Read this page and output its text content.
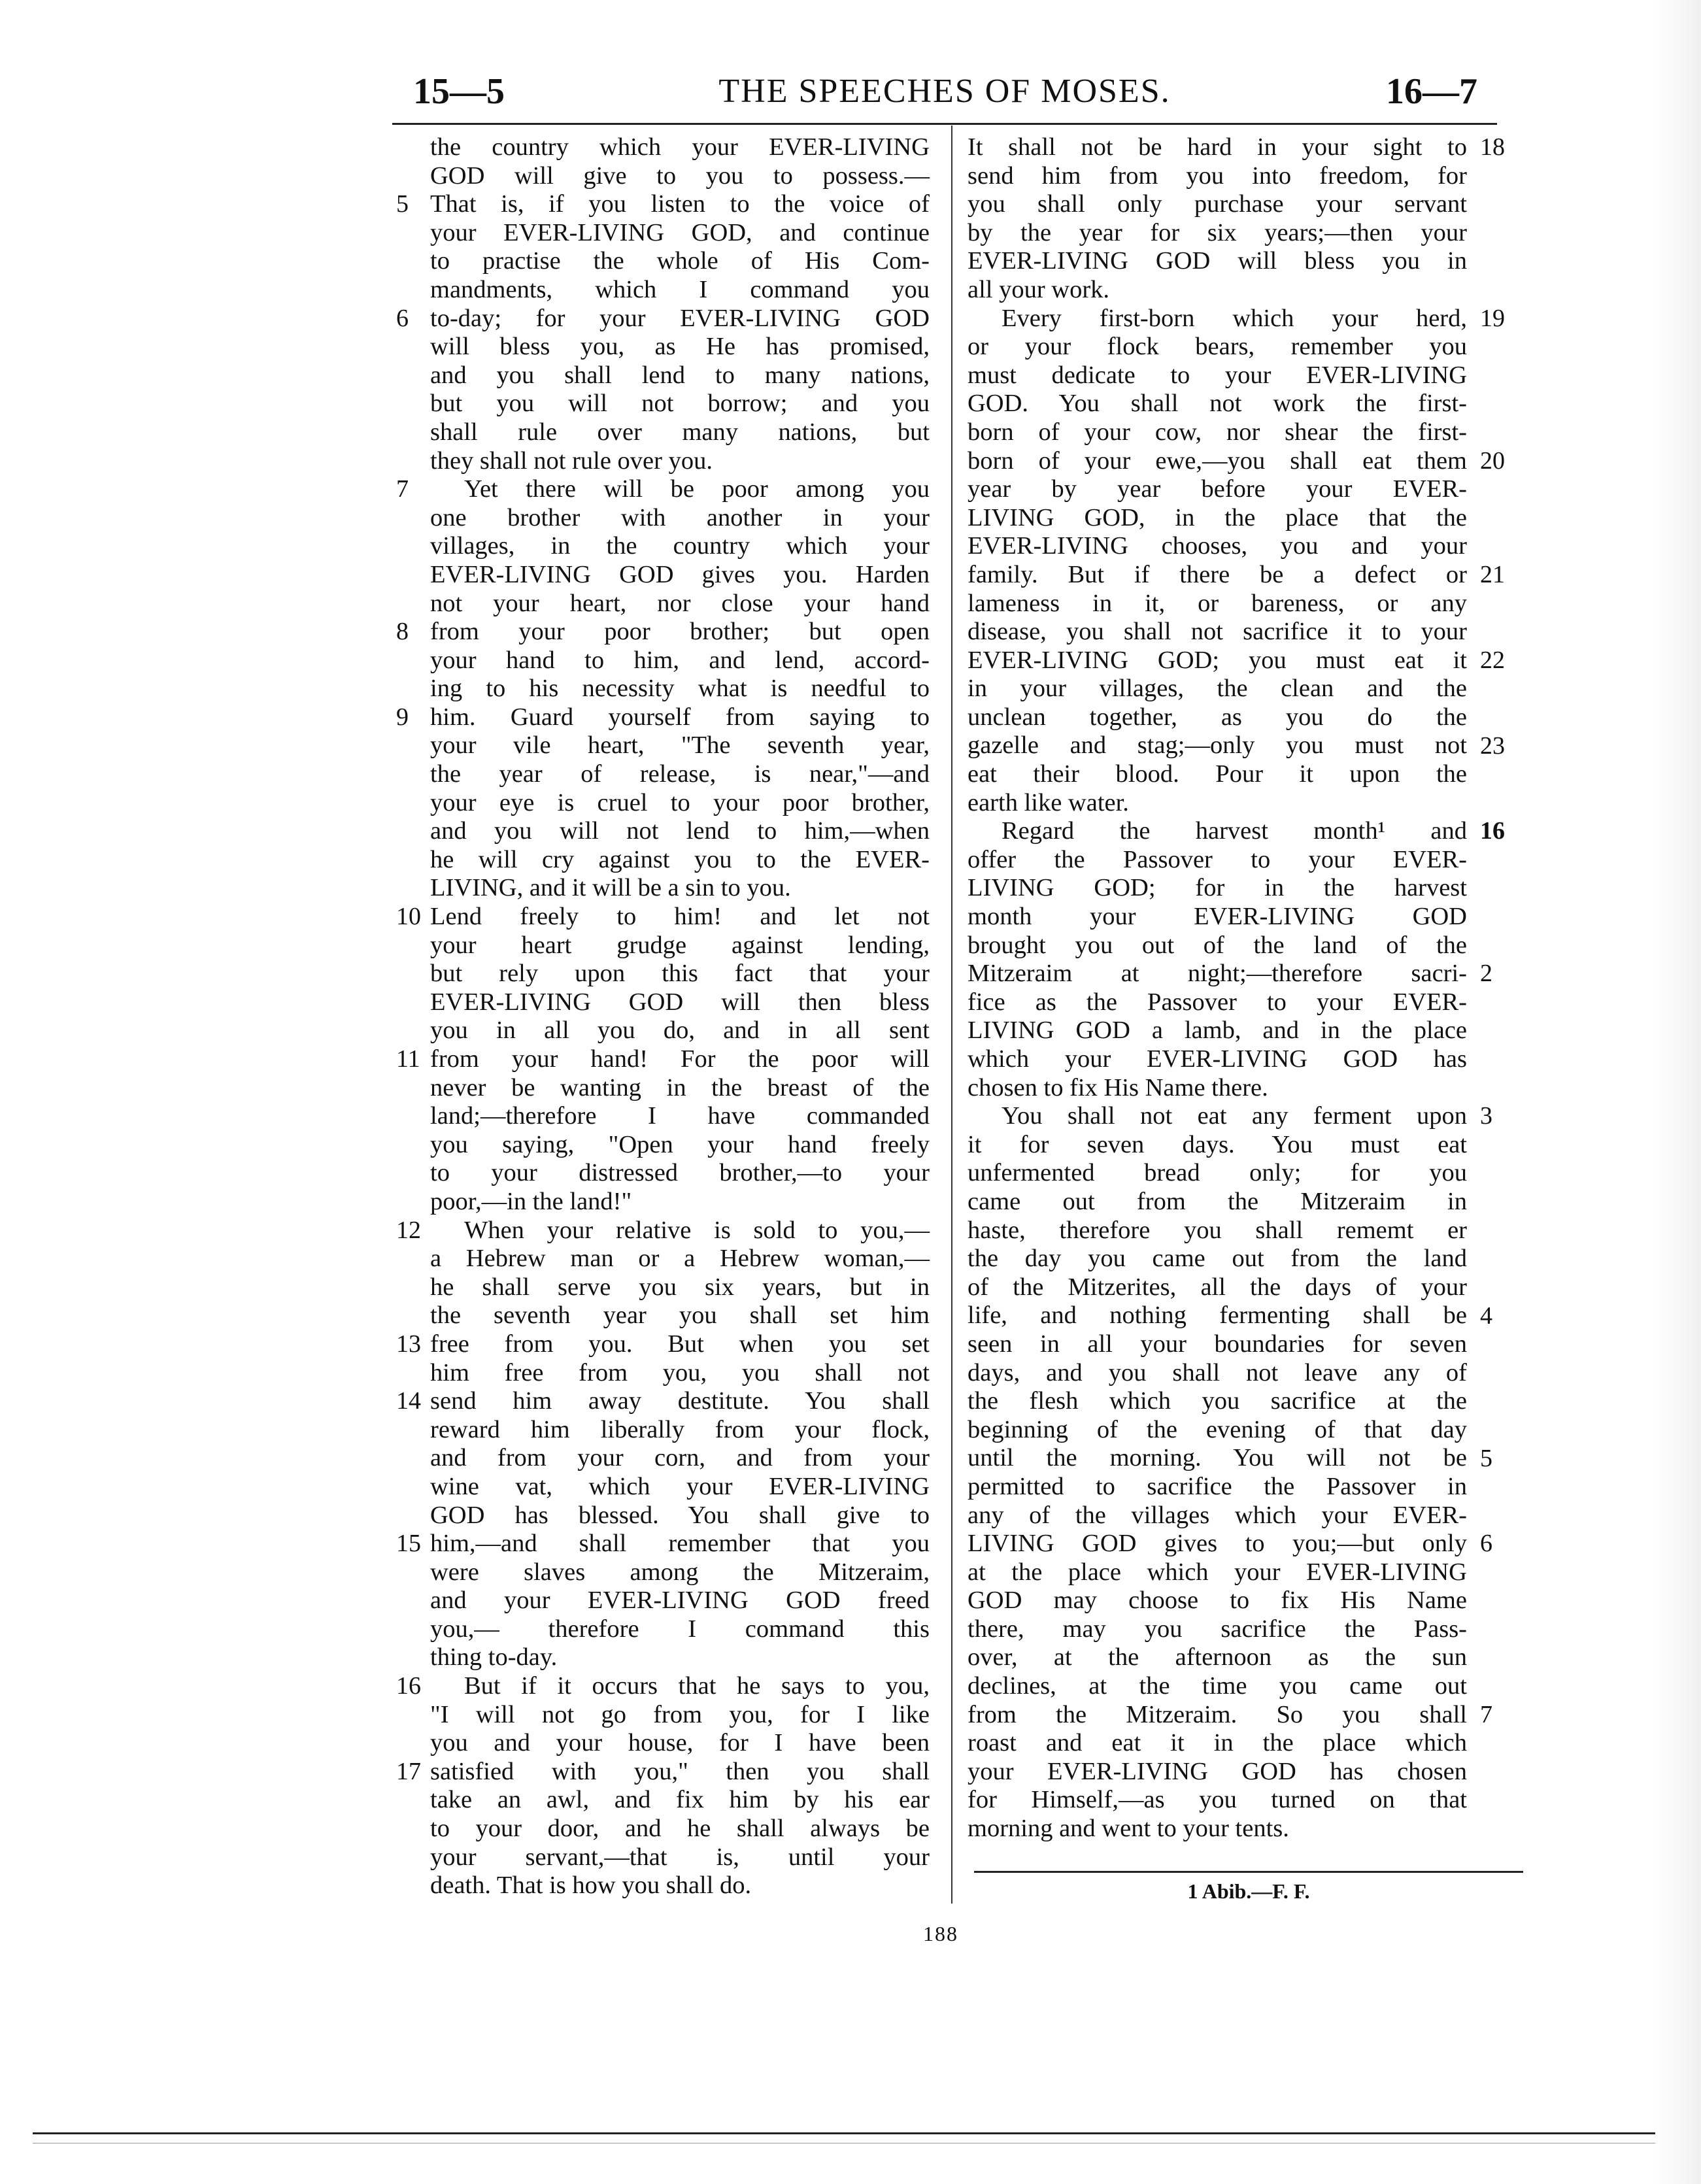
15—5	THE SPEECHES OF MOSES.	16—7
the country which your EVER-LIVING
GOD will give to you to possess.—
That is, if you listen to the voice of
your EVER-LIVING GOD, and continue
to practise the whole of His Com-
mandments, which I command you
to-day; for your EVER-LIVING GOD
will bless you, as He has promised,
and you shall lend to many nations,
but you will not borrow; and you
shall rule over many nations, but
they shall not rule over you.
Yet there will be poor among you
one brother with another in your
villages, in the country which your
EVER-LIVING GOD gives you. Harden
not your heart, nor close your hand
from your poor brother; but open
your hand to him, and lend, accord-
ing to his necessity what is needful to
him. Guard yourself from saying to
your vile heart, "The seventh year,
the year of release, is near,"—and
your eye is cruel to your poor brother,
and you will not lend to him,—when
he will cry against you to the EVER-
LIVING, and it will be a sin to you.
Lend freely to him! and let not
your heart grudge against lending,
but rely upon this fact that your
EVER-LIVING GOD will then bless
you in all you do, and in all sent
from your hand! For the poor will
never be wanting in the breast of the
land;—therefore I have commanded
you saying, "Open your hand freely
to your distressed brother,—to your
poor,—in the land!"
When your relative is sold to you,—
a Hebrew man or a Hebrew woman,—
he shall serve you six years, but in
the seventh year you shall set him
free from you. But when you set
him free from you, you shall not
send him away destitute. You shall
reward him liberally from your flock,
and from your corn, and from your
wine vat, which your EVER-LIVING
GOD has blessed. You shall give to
him,—and shall remember that you
were slaves among the Mitzeraim,
and your EVER-LIVING GOD freed
you,— therefore I command this
thing to-day.
But if it occurs that he says to you,
"I will not go from you, for I like
you and your house, for I have been
satisfied with you," then you shall
take an awl, and fix him by his ear
to your door, and he shall always be
your servant,—that is, until your
death. That is how you shall do.
It shall not be hard in your sight to
send him from you into freedom, for
you shall only purchase your servant
by the year for six years;—then your
EVER-LIVING GOD will bless you in
all your work.
Every first-born which your herd,
or your flock bears, remember you
must dedicate to your EVER-LIVING
GOD. You shall not work the first-
born of your cow, nor shear the first-
born of your ewe,—you shall eat them
year by year before your EVER-
LIVING GOD, in the place that the
EVER-LIVING chooses, you and your
family. But if there be a defect or
lameness in it, or bareness, or any
disease, you shall not sacrifice it to your
EVER-LIVING GOD; you must eat it
in your villages, the clean and the
unclean together, as you do the
gazelle and stag;—only you must not
eat their blood. Pour it upon the
earth like water.
Regard the harvest month¹ and
offer the Passover to your EVER-
LIVING GOD; for in the harvest
month your EVER-LIVING GOD
brought you out of the land of the
Mitzeraim at night;—therefore sacri-
fice as the Passover to your EVER-
LIVING GOD a lamb, and in the place
which your EVER-LIVING GOD has
chosen to fix His Name there.
You shall not eat any ferment upon
it for seven days. You must eat
unfermented bread only; for you
came out from the Mitzeraim in
haste, therefore you shall rememt er
the day you came out from the land
of the Mitzerites, all the days of your
life, and nothing fermenting shall be
seen in all your boundaries for seven
days, and you shall not leave any of
the flesh which you sacrifice at the
beginning of the evening of that day
until the morning. You will not be
permitted to sacrifice the Passover in
any of the villages which your EVER-
LIVING GOD gives to you;—but only
at the place which your EVER-LIVING
GOD may choose to fix His Name
there, may you sacrifice the Pass-
over, at the afternoon as the sun
declines, at the time you came out
from the Mitzeraim. So you shall
roast and eat it in the place which
your EVER-LIVING GOD has chosen
for Himself,—as you turned on that
morning and went to your tents.
5
6
7
8
9
10
11
12
13
14
15
16
17
18
19
20
21
22
23
16
2
3
4
5
6
7
1 Abib.—F. F.
188
